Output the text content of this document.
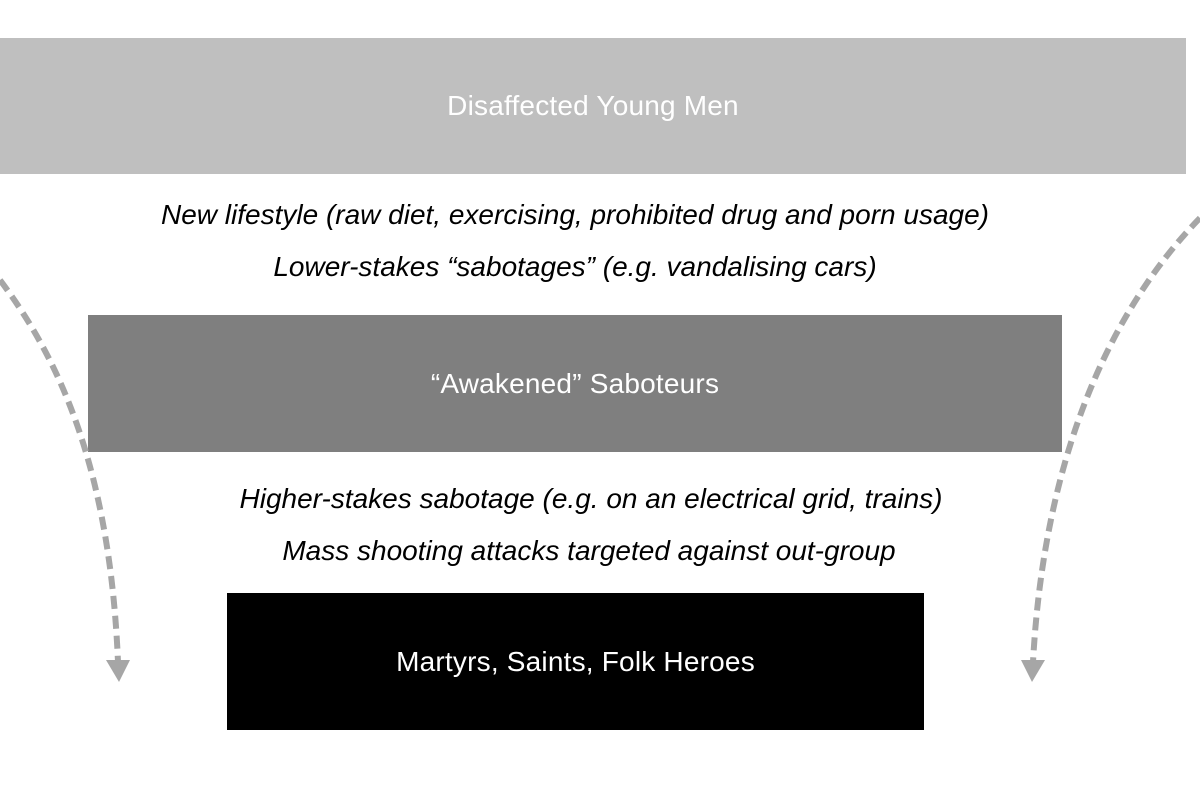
Disaffected Young Men
New lifestyle (raw diet, exercising, prohibited drug and porn usage)
Lower-stakes “sabotages” (e.g. vandalising cars)
“Awakened” Saboteurs
Higher-stakes sabotage (e.g. on an electrical grid, trains)
Mass shooting attacks targeted against out-group
Martyrs, Saints, Folk Heroes
